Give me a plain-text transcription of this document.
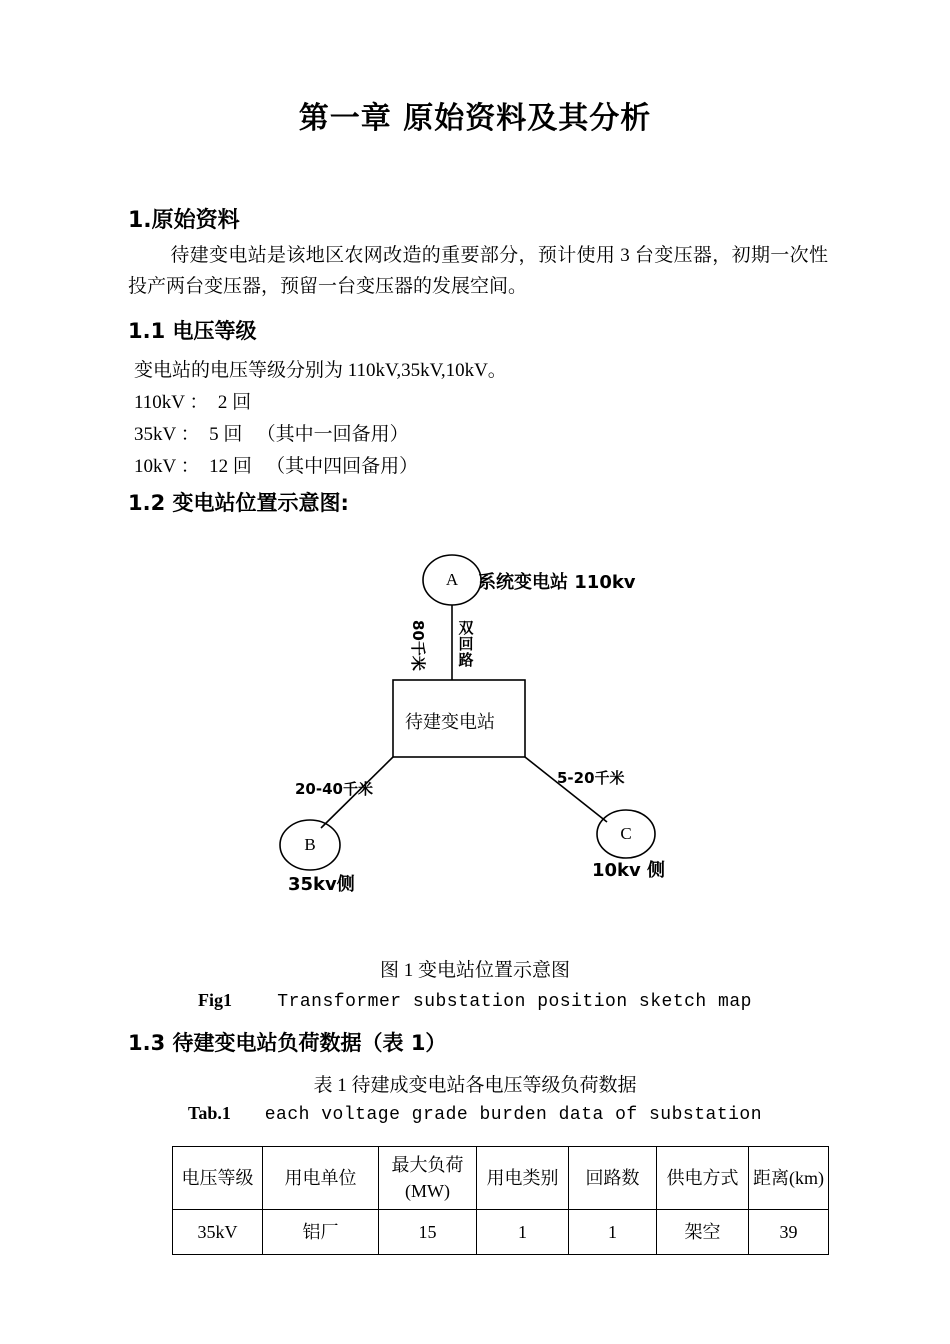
第一章 原始资料及其分析
1.原始资料
待建变电站是该地区农网改造的重要部分，预计使用 3 台变压器，初期一次性投产两台变压器，预留一台变压器的发展空间。
1.1 电压等级
变电站的电压等级分别为 110kV,35kV,10kV。
110kV ：  2 回
35kV ：  5 回   （其中一回备用）
10kV ：  12 回   （其中四回备用）
1.2 变电站位置示意图:
A
B
C
系统变电站 110kv
待建变电站
80千米 双回路
20-40千米
5-20千米
35kv侧
10kv 侧
图 1 变电站位置示意图
Fig1	Transformer substation position sketch map
1.3 待建变电站负荷数据（表 1）
表 1 待建成变电站各电压等级负荷数据
Tab.1 each voltage grade burden data of substation
电压等级	用电单位	最大负荷(MW)	用电类别	回路数	供电方式	距离(km)
35kV	铝厂	15	1	1	架空	39
